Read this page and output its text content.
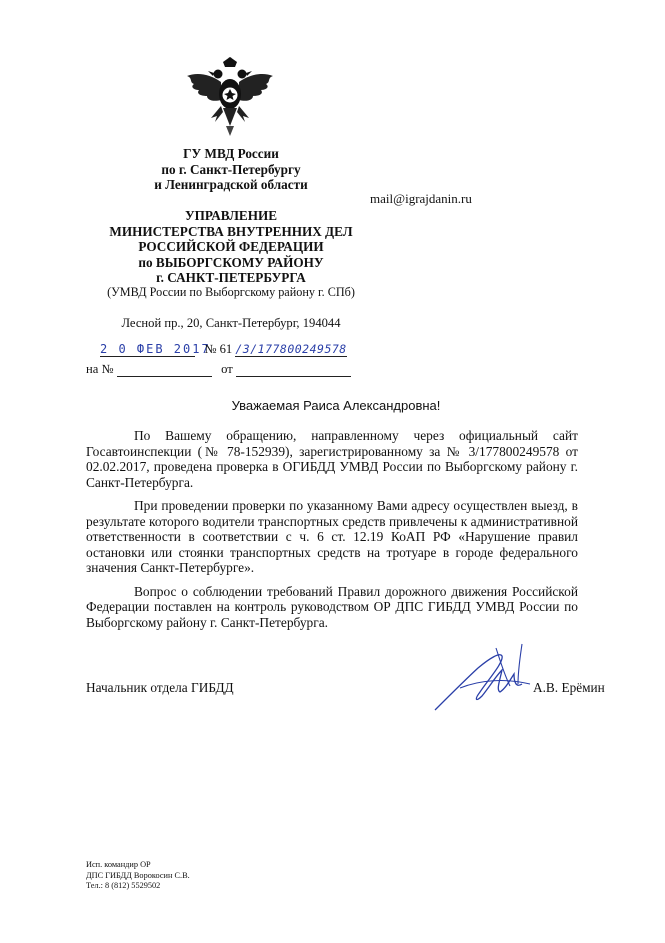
ГУ МВД России
по г. Санкт-Петербургу
и Ленинградской области
УПРАВЛЕНИЕ
МИНИСТЕРСТВА ВНУТРЕННИХ ДЕЛ
РОССИЙСКОЙ ФЕДЕРАЦИИ
по ВЫБОРГСКОМУ РАЙОНУ
г. САНКТ-ПЕТЕРБУРГА
(УМВД России по Выборгскому району г. СПб)
Лесной пр., 20, Санкт-Петербург, 194044
mail@igrajdanin.ru
2 0 ФЕВ 2017   № 61 /3/177800249578
на №	от
Уважаемая Раиса Александровна!

По Вашему обращению, направленному через официальный сайт Госавтоинспекции (№ 78-152939), зарегистрированному за № 3/177800249578 от 02.02.2017, проведена проверка в ОГИБДД УМВД России по Выборгскому району г. Санкт-Петербурга.

При проведении проверки по указанному Вами адресу осуществлен выезд, в результате которого водители транспортных средств привлечены к административной ответственности в соответствии с ч. 6 ст. 12.19 КоАП РФ «Нарушение правил остановки или стоянки транспортных средств на тротуаре в городе федерального значения Санкт-Петербурге».

Вопрос о соблюдении требований Правил дорожного движения Российской Федерации поставлен на контроль руководством ОР ДПС ГИБДД УМВД России по Выборгскому району г. Санкт-Петербурга.

Начальник отдела ГИБДД	А.В. Ерёмин
Исп. командир ОР
ДПС ГИБДД Ворокосин С.В.
Тел.: 8 (812) 5529502
